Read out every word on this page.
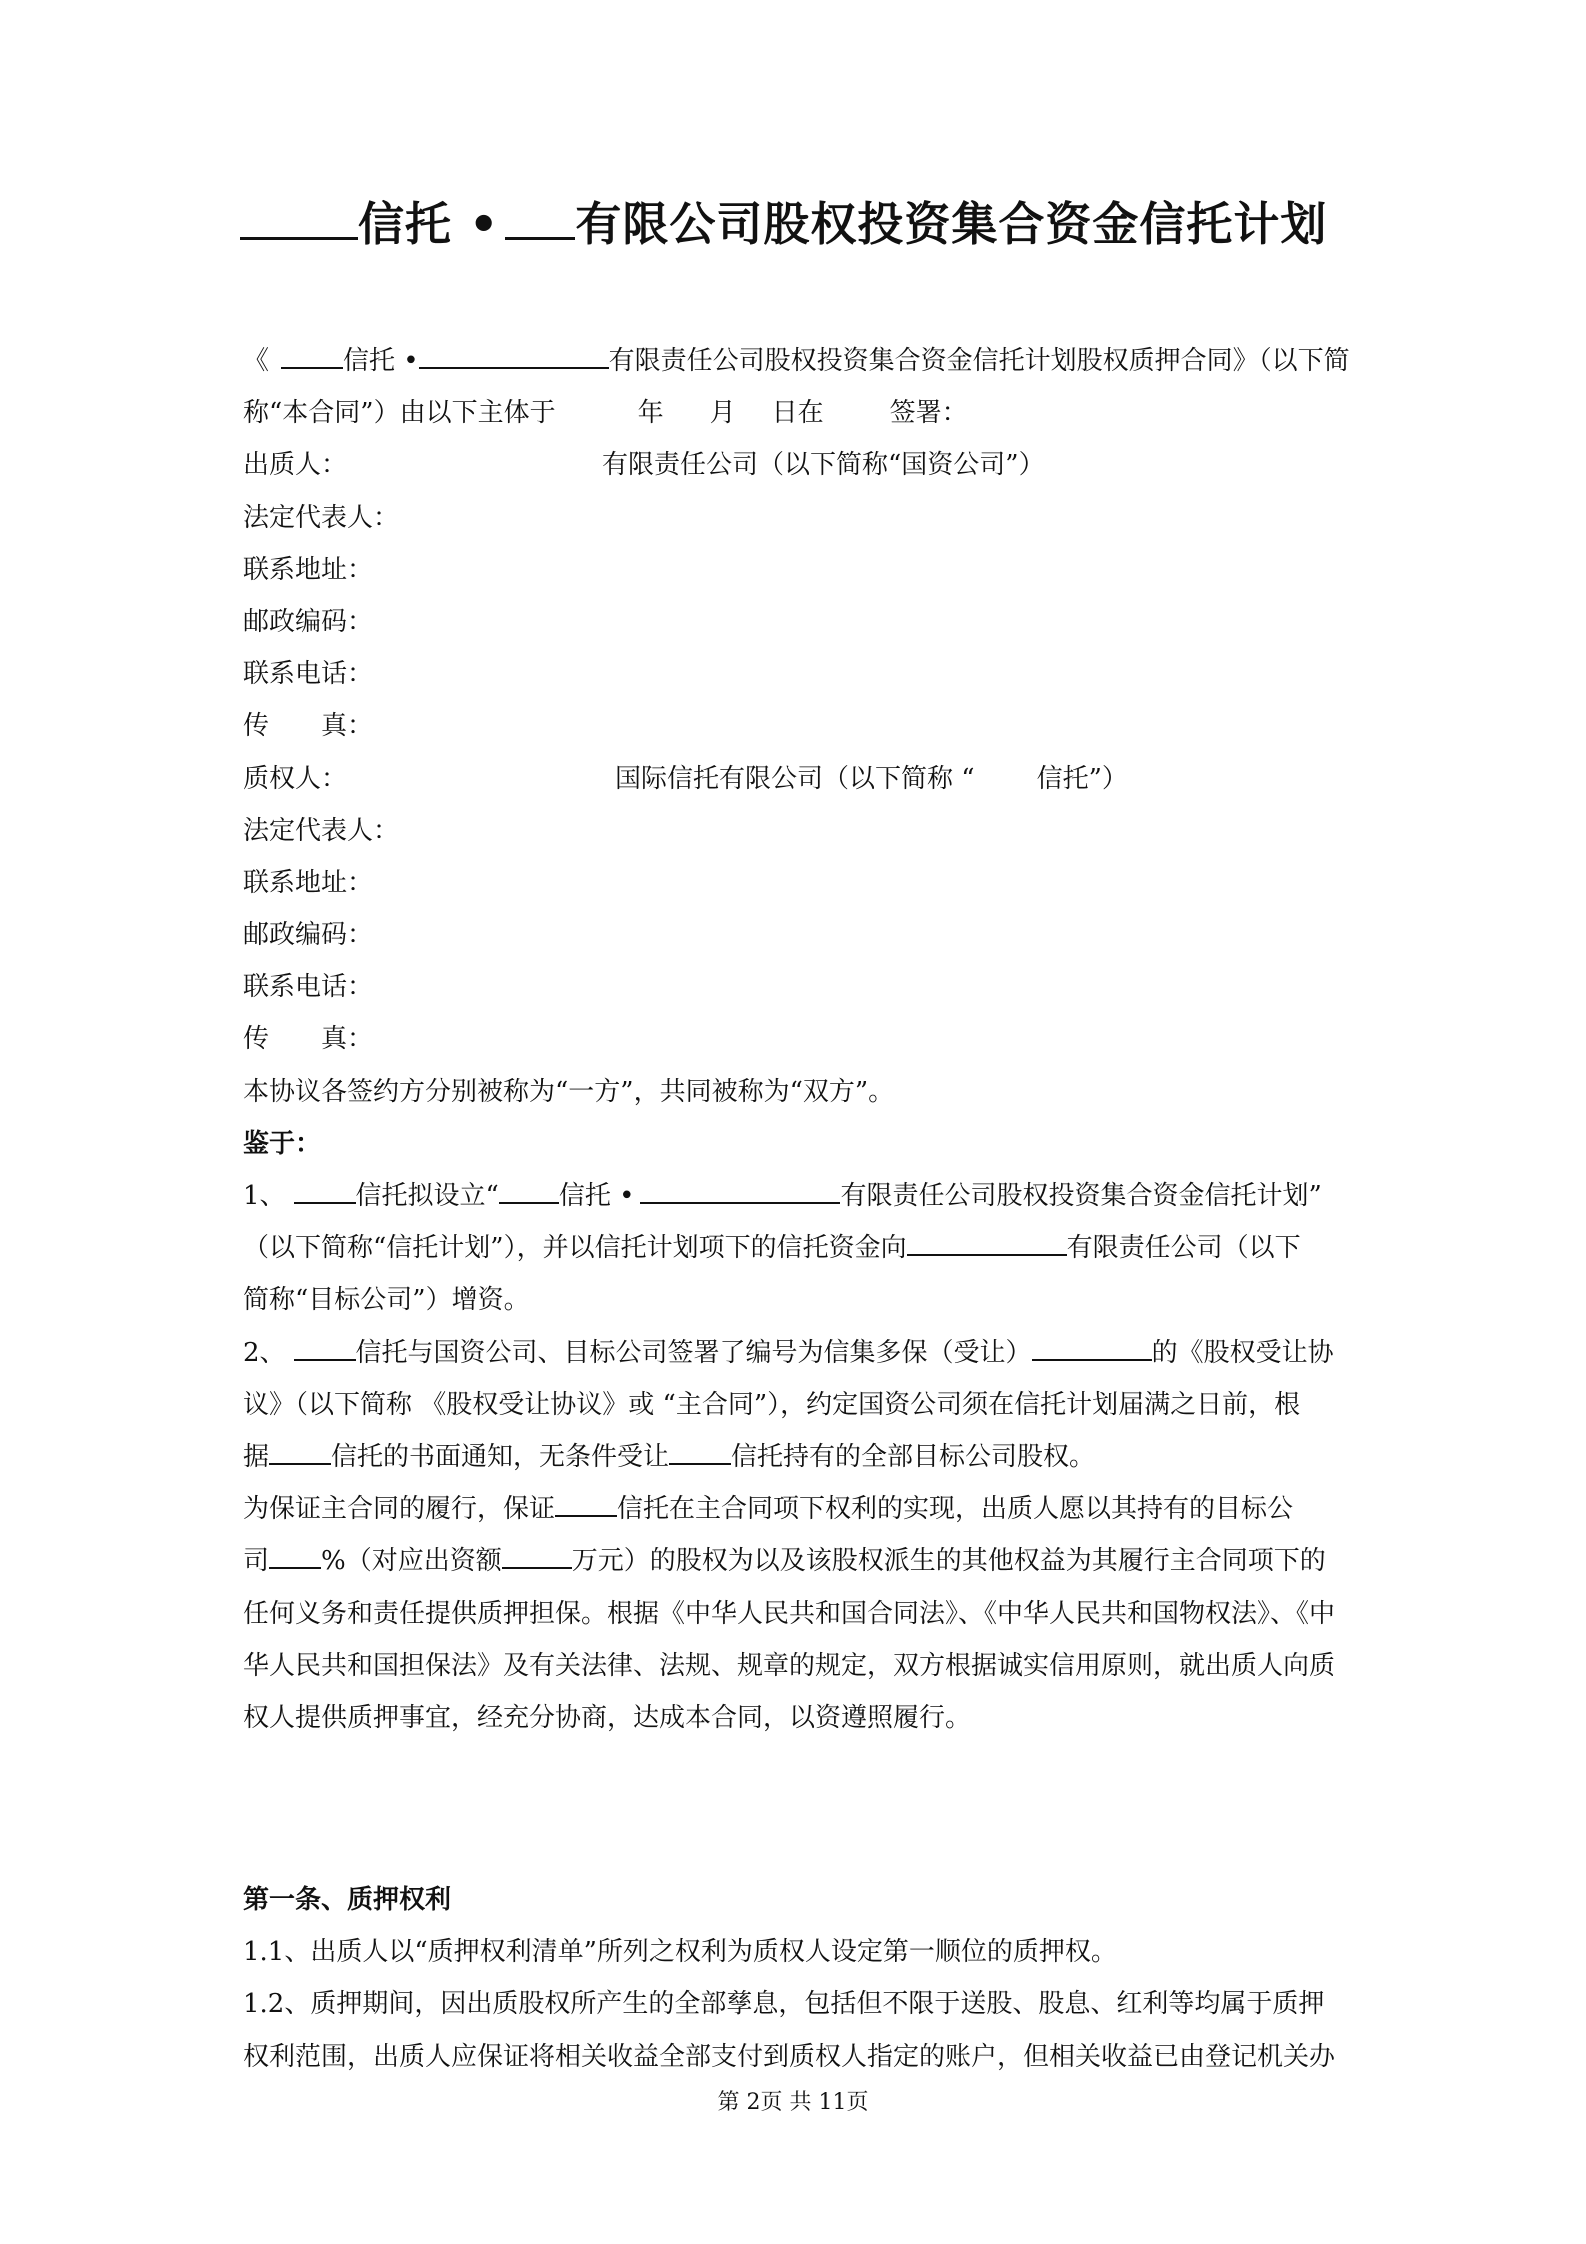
信托 • 有限公司股权投资集合资金信托计划
《	信托 •	有限责任公司股权投资集合资金信托计划股权质押合同》（以下简
称“本合同”）由以下主体于	年 月 日在	签署：
出质人：	有限责任公司（以下简称“国资公司”）
法定代表人：
联系地址：
邮政编码：
联系电话：
传　　真：
质权人：	国际信托有限公司（以下简称 “ 信托”）
法定代表人：
联系地址：
邮政编码：
联系电话：
传　　真：
本协议各签约方分别被称为“一方”，共同被称为“双方”。
鉴于：
1、	信托拟设立“ 信托 •	有限责任公司股权投资集合资金信托计划”
（以下简称“信托计划”），并以信托计划项下的信托资金向	有限责任公司（以下
简称“目标公司”）增资。
2、	信托与国资公司、目标公司签署了编号为信集多保（受让）	的《股权受让协
议》（以下简称 《股权受让协议》或 “主合同”），约定国资公司须在信托计划届满之日前，根
据 信托的书面通知，无条件受让 信托持有的全部目标公司股权。
为保证主合同的履行，保证 信托在主合同项下权利的实现，出质人愿以其持有的目标公
司 %（对应出资额	万元）的股权为以及该股权派生的其他权益为其履行主合同项下的
任何义务和责任提供质押担保。根据《中华人民共和国合同法》、《中华人民共和国物权法》、《中
华人民共和国担保法》及有关法律、法规、规章的规定，双方根据诚实信用原则，就出质人向质
权人提供质押事宜，经充分协商，达成本合同，以资遵照履行。
第一条、质押权利
1.1、出质人以“质押权利清单”所列之权利为质权人设定第一顺位的质押权。
1.2、质押期间，因出质股权所产生的全部孳息，包括但不限于送股、股息、红利等均属于质押
权利范围，出质人应保证将相关收益全部支付到质权人指定的账户，但相关收益已由登记机关办
第 2页 共 11页
